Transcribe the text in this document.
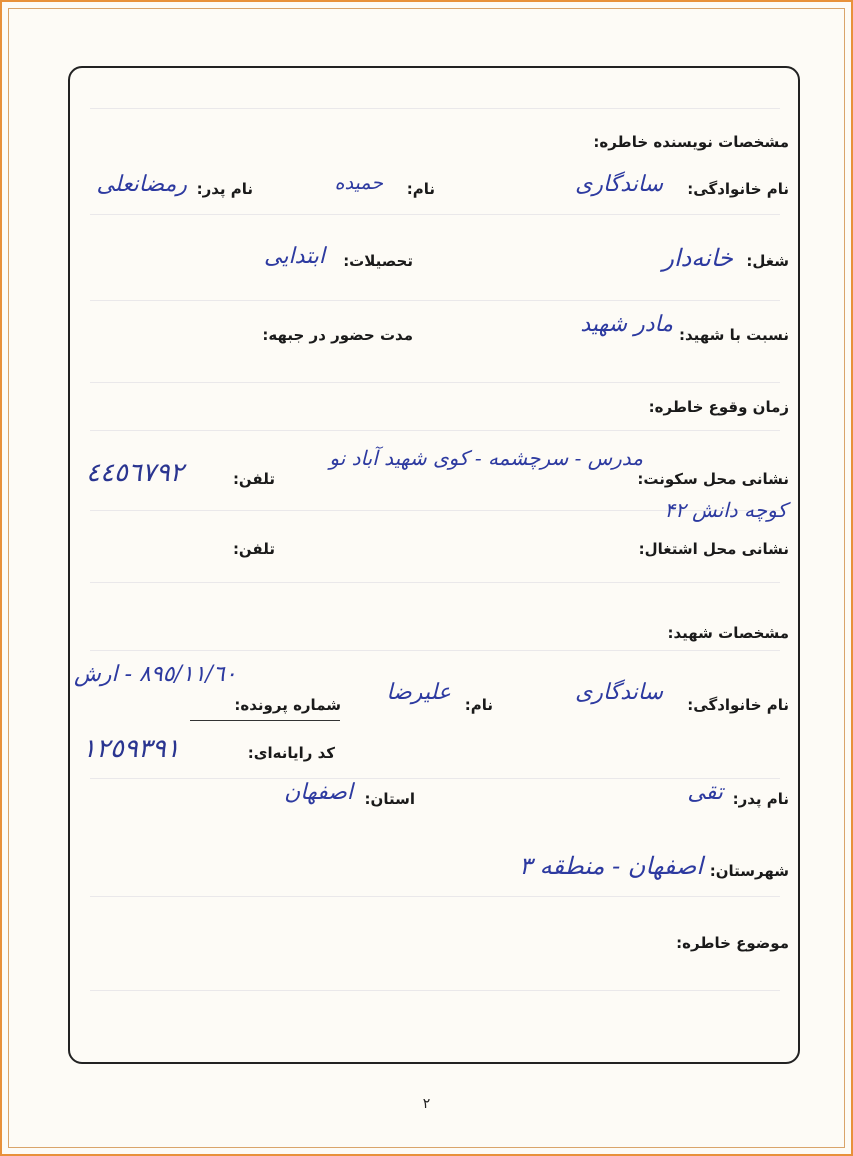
مشخصات نویسنده خاطره:
نام خانوادگی:
ساندگاری
نام:
حمیده
نام پدر:
رمضانعلی
شغل:
خانه‌دار
تحصیلات:
ابتدایی
نسبت با شهید:
مادر شهید
مدت حضور در جبهه:
زمان وقوع خاطره:
نشانی محل سکونت:
مدرس - سرچشمه - کوی شهید آباد نو
کوچه دانش ۴۲
تلفن:
٤٤٥٦٧٩٢
نشانی محل اشتغال:
تلفن:
مشخصات شهید:
٨٩٥/١١/٦٠ - ارش
نام خانوادگی:
ساندگاری
نام:
علیرضا
شماره پرونده:
کد رایانه‌ای:
١٢٥٩٣٩١
نام پدر:
تقی
استان:
اصفهان
شهرستان:
اصفهان - منطقه ۳
موضوع خاطره:
٢
